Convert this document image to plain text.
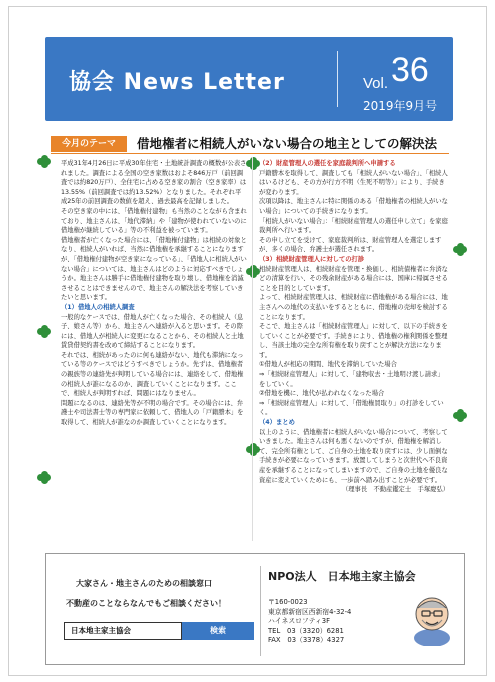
協会 News Letter	Vol. 36
2019年9月号
今月のテーマ	借地権者に相続人がいない場合の地主としての解決法

平成31年4月26日に平成30年住宅・土地統計調査の概数が公表されました。調査による全国の空き家数はおよそ846万戸（前回調査では約820万戸）、全住宅に占める空き家の割合（空き家率）は13.55%（前回調査では約13.52%）となりました。それぞれ平成25年の前回調査の数値を超え、過去最高を記録しました。

その空き家の中には、「借地権付建物」も当然のことながら含まれており、地主さんは、「地代滞納」や「建物が使われていないのに借地権が継続している」等の不利益を被っています。

借地権者が亡くなった場合には、「借地権付建物」は相続の対象となり、相続人がいれば、当然に借地権を承継することになりますが、「借地権付建物が空き家になっている」、「借地人に相続人がいない場合」については、地主さんはどのように対応すべきでしょうか。地主さんは勝手に借地権付建物を取り壊し、借地権を消滅させることはできませんので、地主さんの解決法を考察していきたいと思います。

（1）借地人の相続人調査

一般的なケースでは、借地人が亡くなった場合、その相続人（息子、娘さん等）から、地主さんへ連絡が入ると思います。その際には、借地人が相続人に変更になることから、その相続人と土地賃貸借契約書を改めて締結することになります。

それでは、相続があったのに何も連絡がない、地代も滞納になっている等のケースではどうすべきでしょうか。先ずは、借地権者の親族等の連絡先が判明している場合には、連絡をして、借地権の相続人が誰になるのか、調査していくことになります。ここで、相続人が判明すれば、問題にはなりません。

問題になるのは、連絡先等が不明の場合です。その場合には、弁護士や司法書士等の専門家に依頼して、借地人の「戸籍謄本」を取得して、相続人が誰なのか調査していくことになります。

（2）財産管理人の選任を家庭裁判所へ申請する

戸籍謄本を取得して、調査しても「相続人がいない場合」、「相続人はいるけども、その方が行方不明（生死不明等）」により、手続きが変わります。

次項以降は、地主さんに特に関係のある「借地権者の相続人がいない場合」についての手続きになります。

「相続人がいない場合」：「相続財産管理人の選任申し立て」を家庭裁判所へ行います。

その申し立てを受けて、家庭裁判所は、財産管理人を選定しますが、多くの場合、弁護士が選任されます。

（3）相続財産管理人に対しての打診

相続財産管理人は、相続財産を管理・換価し、相続債権者に弁済などの清算を行い、その残余財産がある場合には、国庫に帰属させることを目的としています。

よって、相続財産管理人は、相続財産に借地権がある場合には、地主さんへの地代の支払いをするとともに、借地権の売却を検討することになります。

そこで、地主さんは「相続財産管理人」に対して、以下の手続きをしていくことが必要です。手続きにより、借地権の権利関係を整理し、当該土地の完全な所有権を取り戻すことが解決方法になります。

①借地人が相応の期間、地代を滞納していた場合

⇒「相続財産管理人」に対して、「建物収去・土地明け渡し請求」をしていく。

②借地を機に、地代が払われなくなった場合

⇒「相続財産管理人」に対して、「借地権買取り」の打診をしていく。

（4）まとめ

以上のように、借地権者に相続人がいない場合について、考察していきました。地主さんは何も悪くないのですが、借地権を解消して、完全所有権として、ご自身の土地を取り戻すには、少し面倒な手続きが必要になっていきます。放置してしまうと次世代へ不良資産を承継することになってしまいますので、ご自身の土地を優良な資産に変えていくためにも、一歩前へ踏み出すことが必要です。

（理事長　不動産鑑定士　手塚慶弘）

大家さん・地主さんのための相談窓口
不動産のことならなんでもご相談ください！
日本地主家主協会	検索
NPO法人　日本地主家主協会
〒160-0023
東京都新宿区西新宿4-32-4
ハイネスロフティ3F
TEL　03（3320）6281
FAX　03（3378）4327
